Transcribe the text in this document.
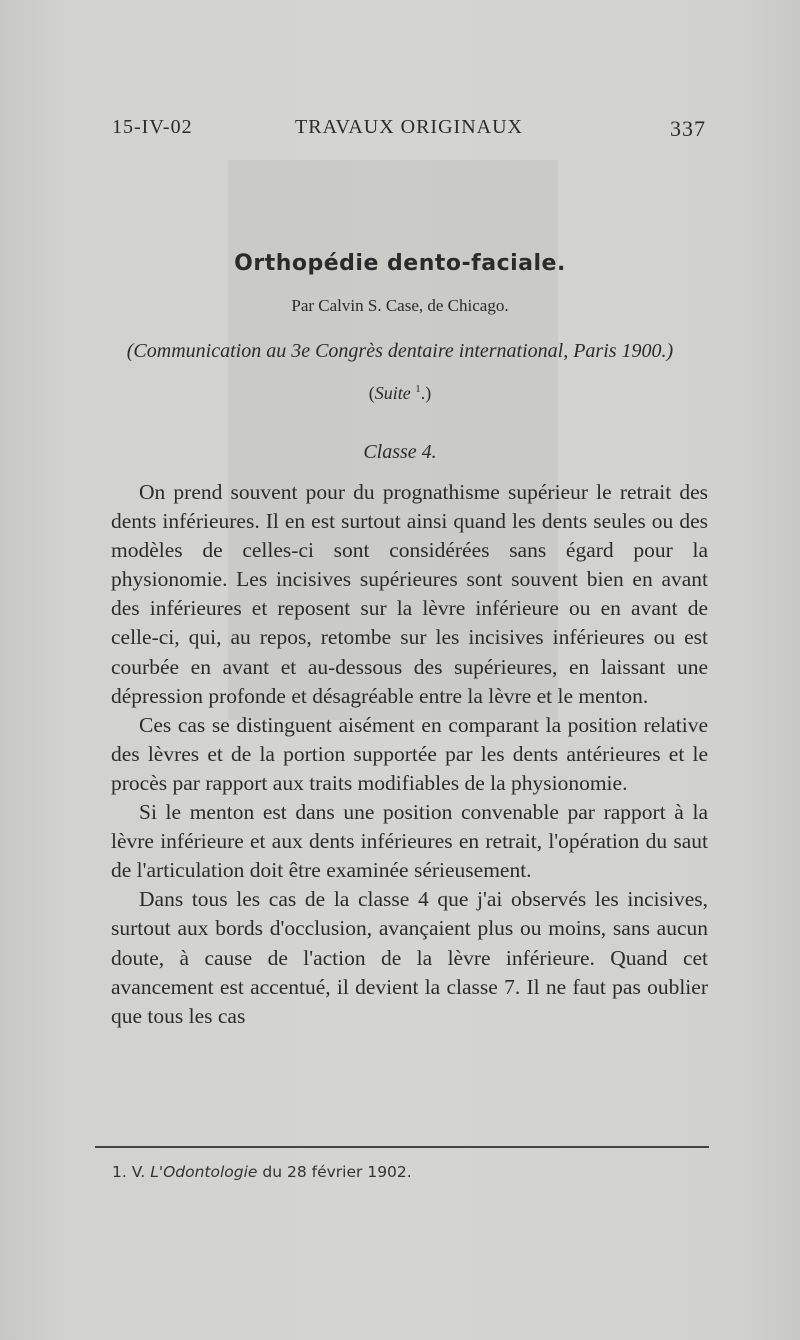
15-IV-02	TRAVAUX ORIGINAUX	337
Orthopédie dento-faciale.
Par Calvin S. Case, de Chicago.
(Communication au 3e Congrès dentaire international, Paris 1900.)
(Suite $^1$.)
Classe 4.

On prend souvent pour du prognathisme supérieur le retrait des dents inférieures. Il en est surtout ainsi quand les dents seules ou des modèles de celles-ci sont considérées sans égard pour la physionomie. Les incisives supérieures sont souvent bien en avant des inférieures et reposent sur la lèvre inférieure ou en avant de celle-ci, qui, au repos, retombe sur les incisives inférieures ou est courbée en avant et au-dessous des supérieures, en laissant une dépression profonde et désagréable entre la lèvre et le menton.

Ces cas se distinguent aisément en comparant la position relative des lèvres et de la portion supportée par les dents antérieures et le procès par rapport aux traits modifiables de la physionomie.

Si le menton est dans une position convenable par rapport à la lèvre inférieure et aux dents inférieures en retrait, l'opération du saut de l'articulation doit être examinée sérieusement.

Dans tous les cas de la classe 4 que j'ai observés les incisives, surtout aux bords d'occlusion, avançaient plus ou moins, sans aucun doute, à cause de l'action de la lèvre inférieure. Quand cet avancement est accentué, il devient la classe 7. Il ne faut pas oublier que tous les cas

1. V. L'Odontologie du 28 février 1902.
